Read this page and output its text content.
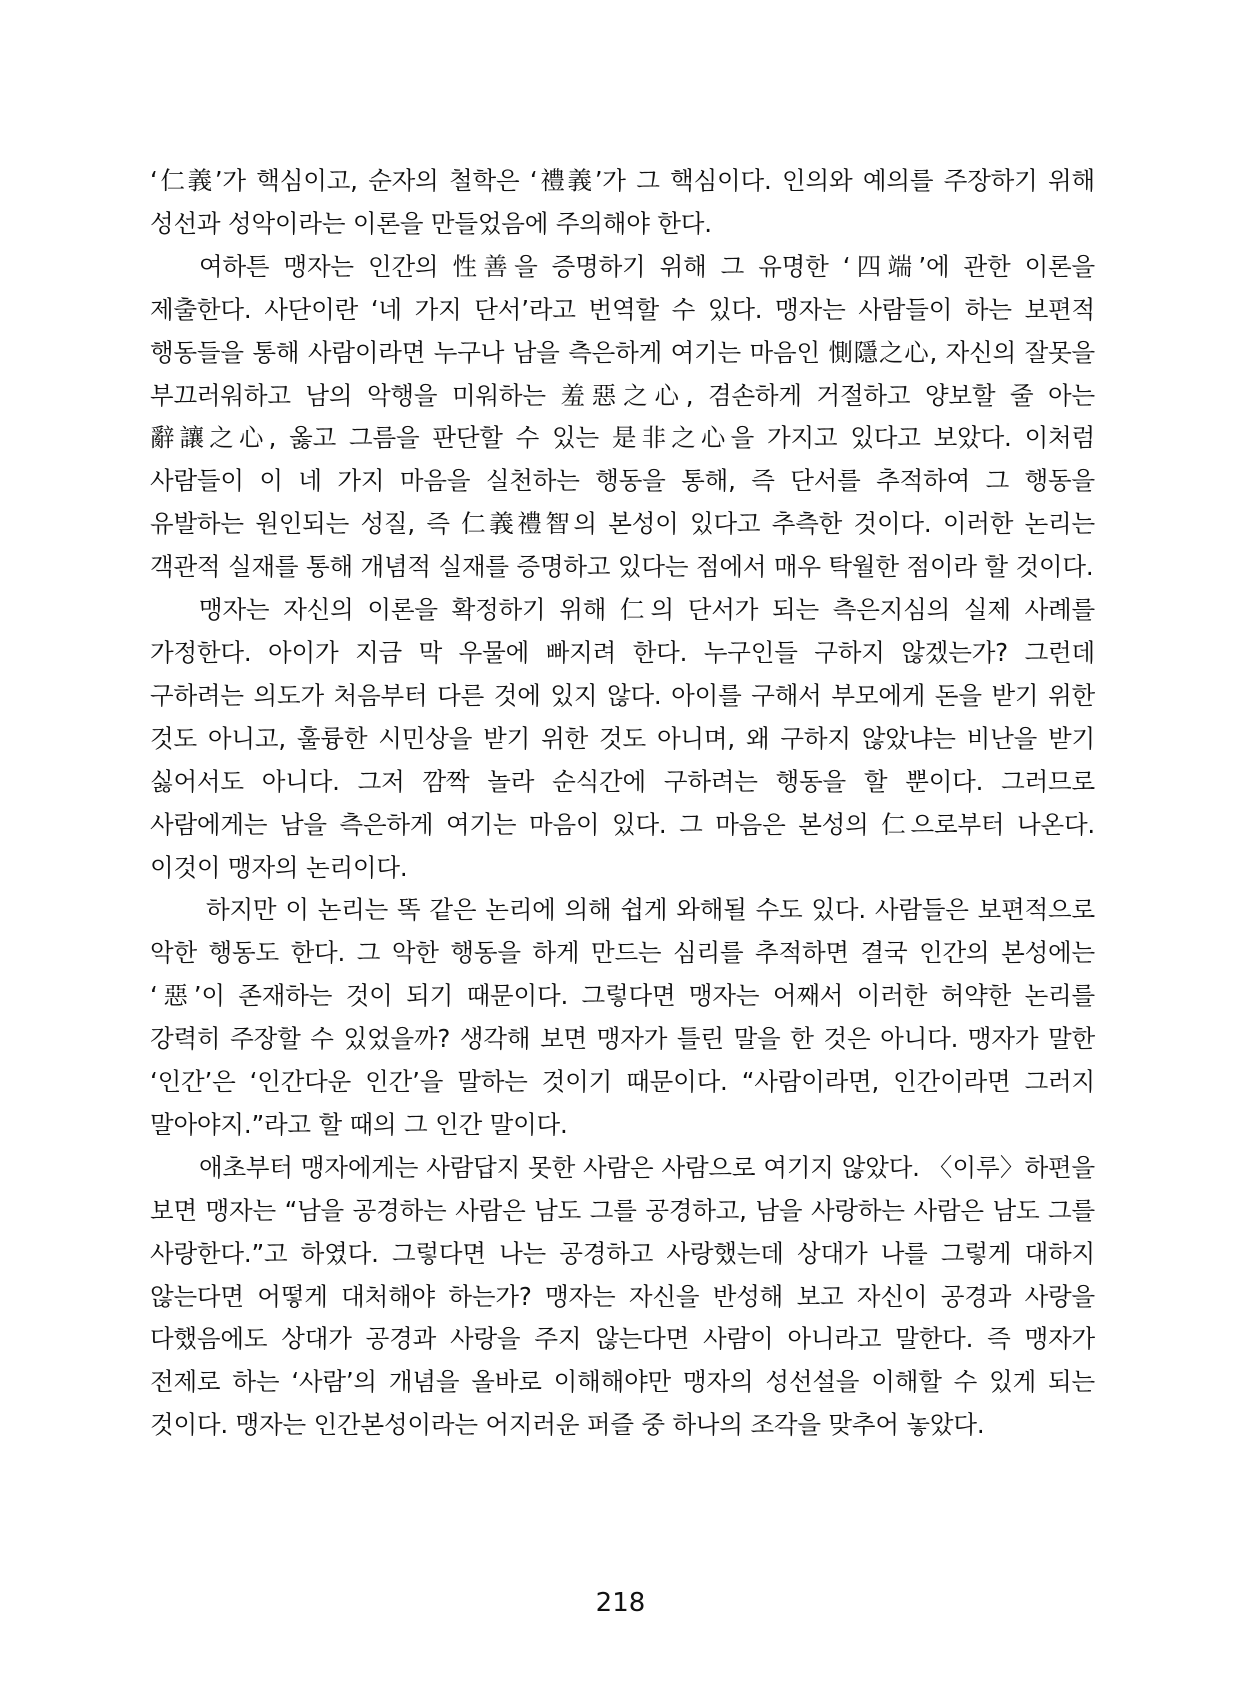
‘仁義’가 핵심이고, 순자의 철학은 ‘禮義’가 그 핵심이다. 인의와 예의를 주장하기 위해 성선과 성악이라는 이론을 만들었음에 주의해야 한다.

여하튼 맹자는 인간의 性善을 증명하기 위해 그 유명한 ‘四端’에 관한 이론을 제출한다. 사단이란 ‘네 가지 단서’라고 번역할 수 있다. 맹자는 사람들이 하는 보편적 행동들을 통해 사람이라면 누구나 남을 측은하게 여기는 마음인 惻隱之心, 자신의 잘못을 부끄러워하고 남의 악행을 미워하는 羞惡之心, 겸손하게 거절하고 양보할 줄 아는 辭讓之心, 옳고 그름을 판단할 수 있는 是非之心을 가지고 있다고 보았다. 이처럼 사람들이 이 네 가지 마음을 실천하는 행동을 통해, 즉 단서를 추적하여 그 행동을 유발하는 원인되는 성질, 즉 仁義禮智의 본성이 있다고 추측한 것이다. 이러한 논리는 객관적 실재를 통해 개념적 실재를 증명하고 있다는 점에서 매우 탁월한 점이라 할 것이다.

맹자는 자신의 이론을 확정하기 위해 仁의 단서가 되는 측은지심의 실제 사례를 가정한다. 아이가 지금 막 우물에 빠지려 한다. 누구인들 구하지 않겠는가? 그런데 구하려는 의도가 처음부터 다른 것에 있지 않다. 아이를 구해서 부모에게 돈을 받기 위한 것도 아니고, 훌륭한 시민상을 받기 위한 것도 아니며, 왜 구하지 않았냐는 비난을 받기 싫어서도 아니다. 그저 깜짝 놀라 순식간에 구하려는 행동을 할 뿐이다. 그러므로 사람에게는 남을 측은하게 여기는 마음이 있다. 그 마음은 본성의 仁으로부터 나온다. 이것이 맹자의 논리이다.

하지만 이 논리는 똑 같은 논리에 의해 쉽게 와해될 수도 있다. 사람들은 보편적으로 악한 행동도 한다. 그 악한 행동을 하게 만드는 심리를 추적하면 결국 인간의 본성에는 ‘惡’이 존재하는 것이 되기 때문이다. 그렇다면 맹자는 어째서 이러한 허약한 논리를 강력히 주장할 수 있었을까? 생각해 보면 맹자가 틀린 말을 한 것은 아니다. 맹자가 말한 ‘인간’은 ‘인간다운 인간’을 말하는 것이기 때문이다. “사람이라면, 인간이라면 그러지 말아야지.”라고 할 때의 그 인간 말이다.

애초부터 맹자에게는 사람답지 못한 사람은 사람으로 여기지 않았다. 〈이루〉하편을 보면 맹자는 “남을 공경하는 사람은 남도 그를 공경하고, 남을 사랑하는 사람은 남도 그를 사랑한다.”고 하였다. 그렇다면 나는 공경하고 사랑했는데 상대가 나를 그렇게 대하지 않는다면 어떻게 대처해야 하는가? 맹자는 자신을 반성해 보고 자신이 공경과 사랑을 다했음에도 상대가 공경과 사랑을 주지 않는다면 사람이 아니라고 말한다. 즉 맹자가 전제로 하는 ‘사람’의 개념을 올바로 이해해야만 맹자의 성선설을 이해할 수 있게 되는 것이다. 맹자는 인간본성이라는 어지러운 퍼즐 중 하나의 조각을 맞추어 놓았다.

218
